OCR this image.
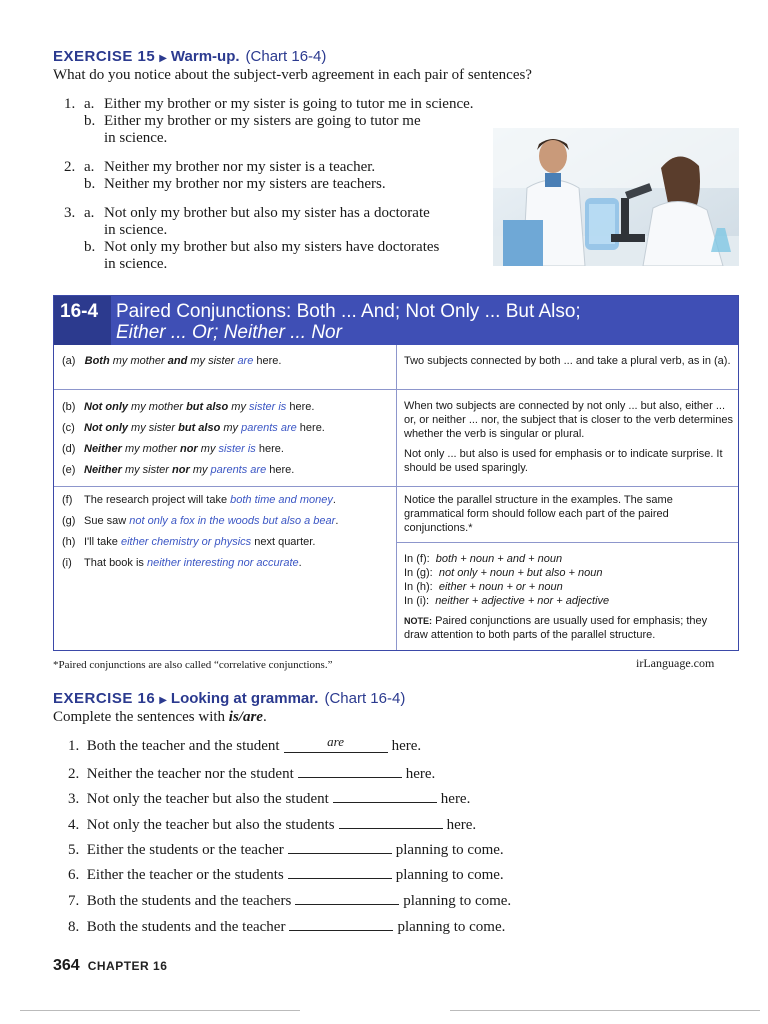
EXERCISE 15 ▶ Warm-up. (Chart 16-4)
What do you notice about the subject-verb agreement in each pair of sentences?
1. a. Either my brother or my sister is going to tutor me in science.
b. Either my brother or my sisters are going to tutor me
in science.
2. a. Neither my brother nor my sister is a teacher.
b. Neither my brother nor my sisters are teachers.
3. a. Not only my brother but also my sister has a doctorate
in science.
b. Not only my brother but also my sisters have doctorates
in science.
16-4 Paired Conjunctions: Both ... And; Not Only ... But Also;
Either ... Or; Neither ... Nor
(a) Both my mother and my sister are here.	Two subjects connected by both ... and take a plural verb, as in (a).
(b) Not only my mother but also my sister is here.
(c) Not only my sister but also my parents are here.
(d) Neither my mother nor my sister is here.
(e) Neither my sister nor my parents are here.
When two subjects are connected by not only ... but also, either ... or, or neither ... nor, the subject that is closer to the verb determines whether the verb is singular or plural.
Not only ... but also is used for emphasis or to indicate surprise. It should be used sparingly.
(f)	The research project will take both time and money.
(g) Sue saw not only a fox in the woods but also a bear.
(h) I'll take either chemistry or physics next quarter.
(i)	That book is neither interesting nor accurate.
Notice the parallel structure in the examples. The same grammatical form should follow each part of the paired conjunctions.*
In (f): both + noun + and + noun
In (g): not only + noun + but also + noun
In (h): either + noun + or + noun
In (i): neither + adjective + nor + adjective
NOTE: Paired conjunctions are usually used for emphasis; they draw attention to both parts of the parallel structure.
*Paired conjunctions are also called “correlative conjunctions.”	irLanguage.com
EXERCISE 16 ▶ Looking at grammar. (Chart 16-4)
Complete the sentences with is/are.
1. Both the teacher and the student	are	here.
2. Neither the teacher nor the student	here.
3. Not only the teacher but also the student	here.
4. Not only the teacher but also the students	here.
5. Either the students or the teacher	planning to come.
6. Either the teacher or the students	planning to come.
7. Both the students and the teachers	planning to come.
8. Both the students and the teacher	planning to come.
364 CHAPTER 16
